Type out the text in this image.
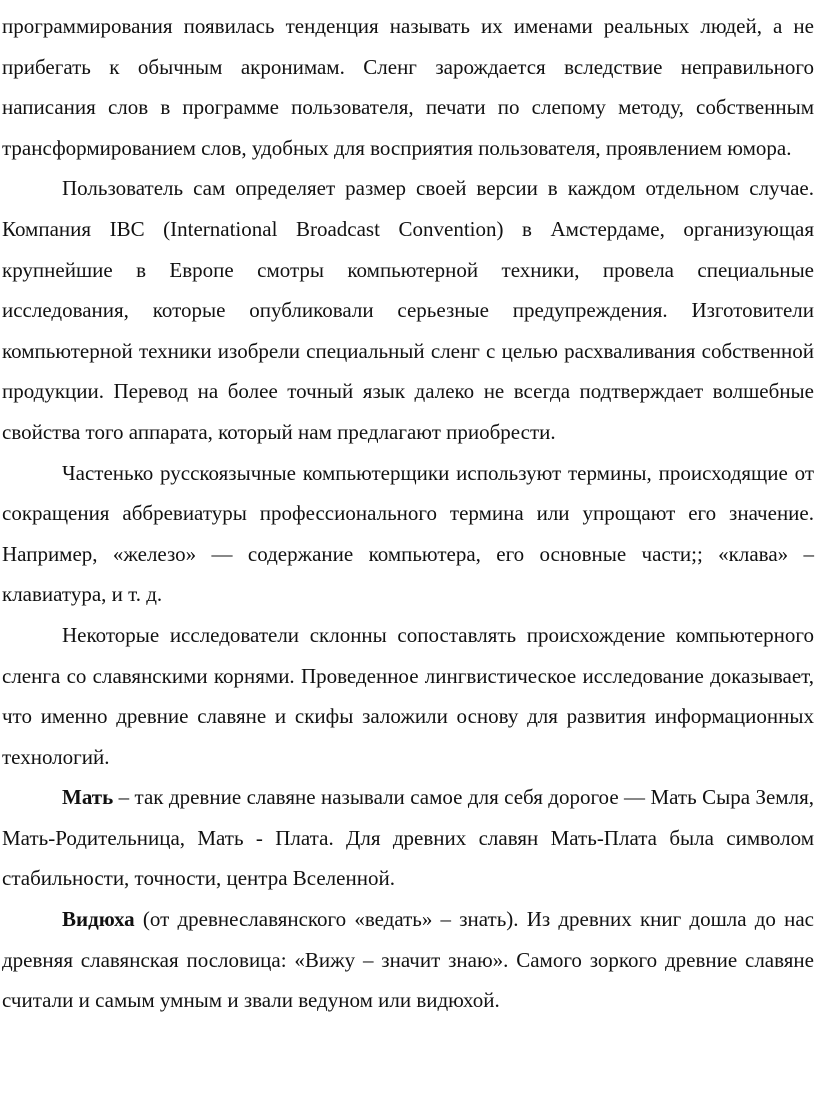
программирования появилась тенденция называть их именами реальных людей, а не прибегать к обычным акронимам. Сленг зарождается вследствие неправильного написания слов в программе пользователя, печати по слепому методу, собственным трансформированием слов, удобных для восприятия пользователя, проявлением юмора.

Пользователь сам определяет размер своей версии в каждом отдельном случае. Компания IBC (International Broadcast Convention) в Амстердаме, организующая крупнейшие в Европе смотры компьютерной техники, провела специальные исследования, которые опубликовали серьезные предупреждения. Изготовители компьютерной техники изобрели специальный сленг с целью расхваливания собственной продукции. Перевод на более точный язык далеко не всегда подтверждает волшебные свойства того аппарата, который нам предлагают приобрести.

Частенько русскоязычные компьютерщики используют термины, происходящие от сокращения аббревиатуры профессионального термина или упрощают его значение. Например, «железо» — содержание компьютера, его основные части;; «клава» – клавиатура, и т. д.

Некоторые исследователи склонны сопоставлять происхождение компьютерного сленга со славянскими корнями. Проведенное лингвистическое исследование доказывает, что именно древние славяне и скифы заложили основу для развития информационных технологий.

Мать – так древние славяне называли самое для себя дорогое — Мать Сыра Земля, Мать-Родительница, Мать - Плата. Для древних славян Мать-Плата была символом стабильности, точности, центра Вселенной.

Видюха (от древнеславянского «ведать» – знать). Из древних книг дошла до нас древняя славянская пословица: «Вижу – значит знаю». Самого зоркого древние славяне считали и самым умным и звали ведуном или видюхой.
